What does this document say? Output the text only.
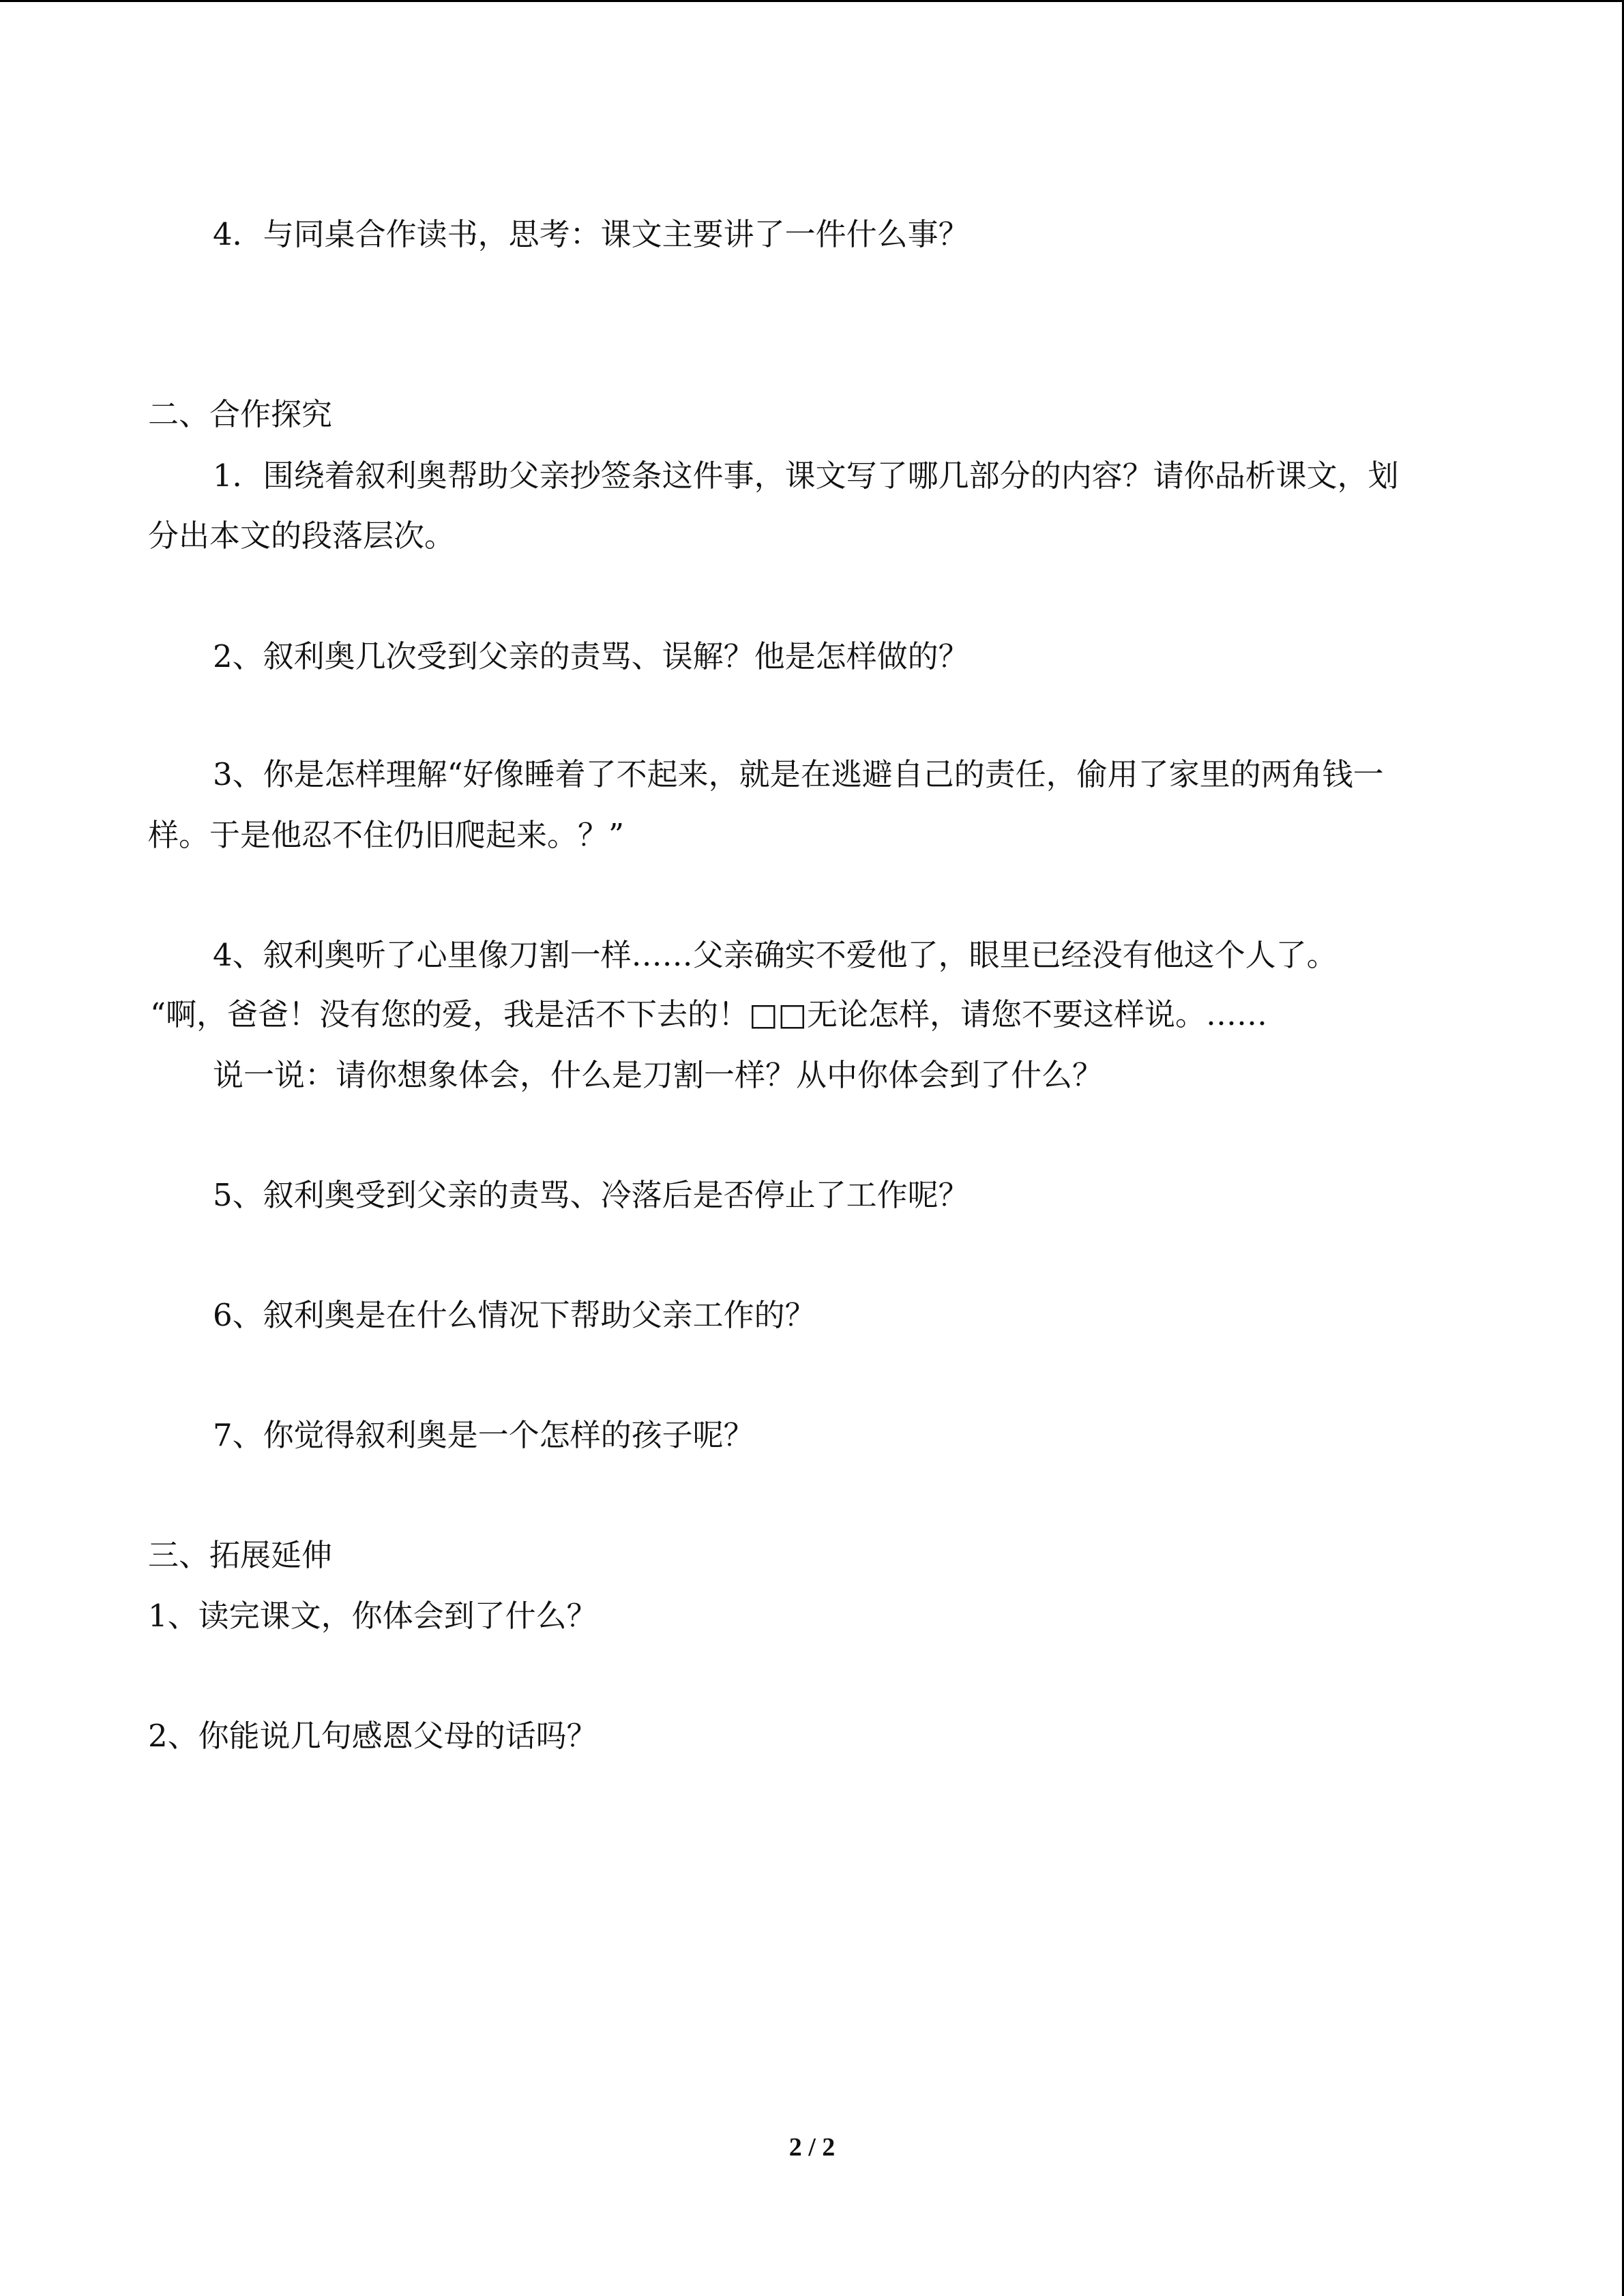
4．与同桌合作读书，思考：课文主要讲了一件什么事？
二、合作探究
1．围绕着叙利奥帮助父亲抄签条这件事，课文写了哪几部分的内容？请你品析课文，划
分出本文的段落层次。
2、叙利奥几次受到父亲的责骂、误解？他是怎样做的？
3、你是怎样理解“好像睡着了不起来，就是在逃避自己的责任，偷用了家里的两角钱一
样。于是他忍不住仍旧爬起来。？”
4、叙利奥听了心里像刀割一样……父亲确实不爱他了，眼里已经没有他这个人了。
“啊，爸爸！没有您的爱，我是活不下去的！□□无论怎样，请您不要这样说。……
说一说：请你想象体会，什么是刀割一样？从中你体会到了什么？
5、叙利奥受到父亲的责骂、冷落后是否停止了工作呢？
6、叙利奥是在什么情况下帮助父亲工作的？
7、你觉得叙利奥是一个怎样的孩子呢？
三、拓展延伸
1、读完课文，你体会到了什么？
2、你能说几句感恩父母的话吗？
2 / 2
